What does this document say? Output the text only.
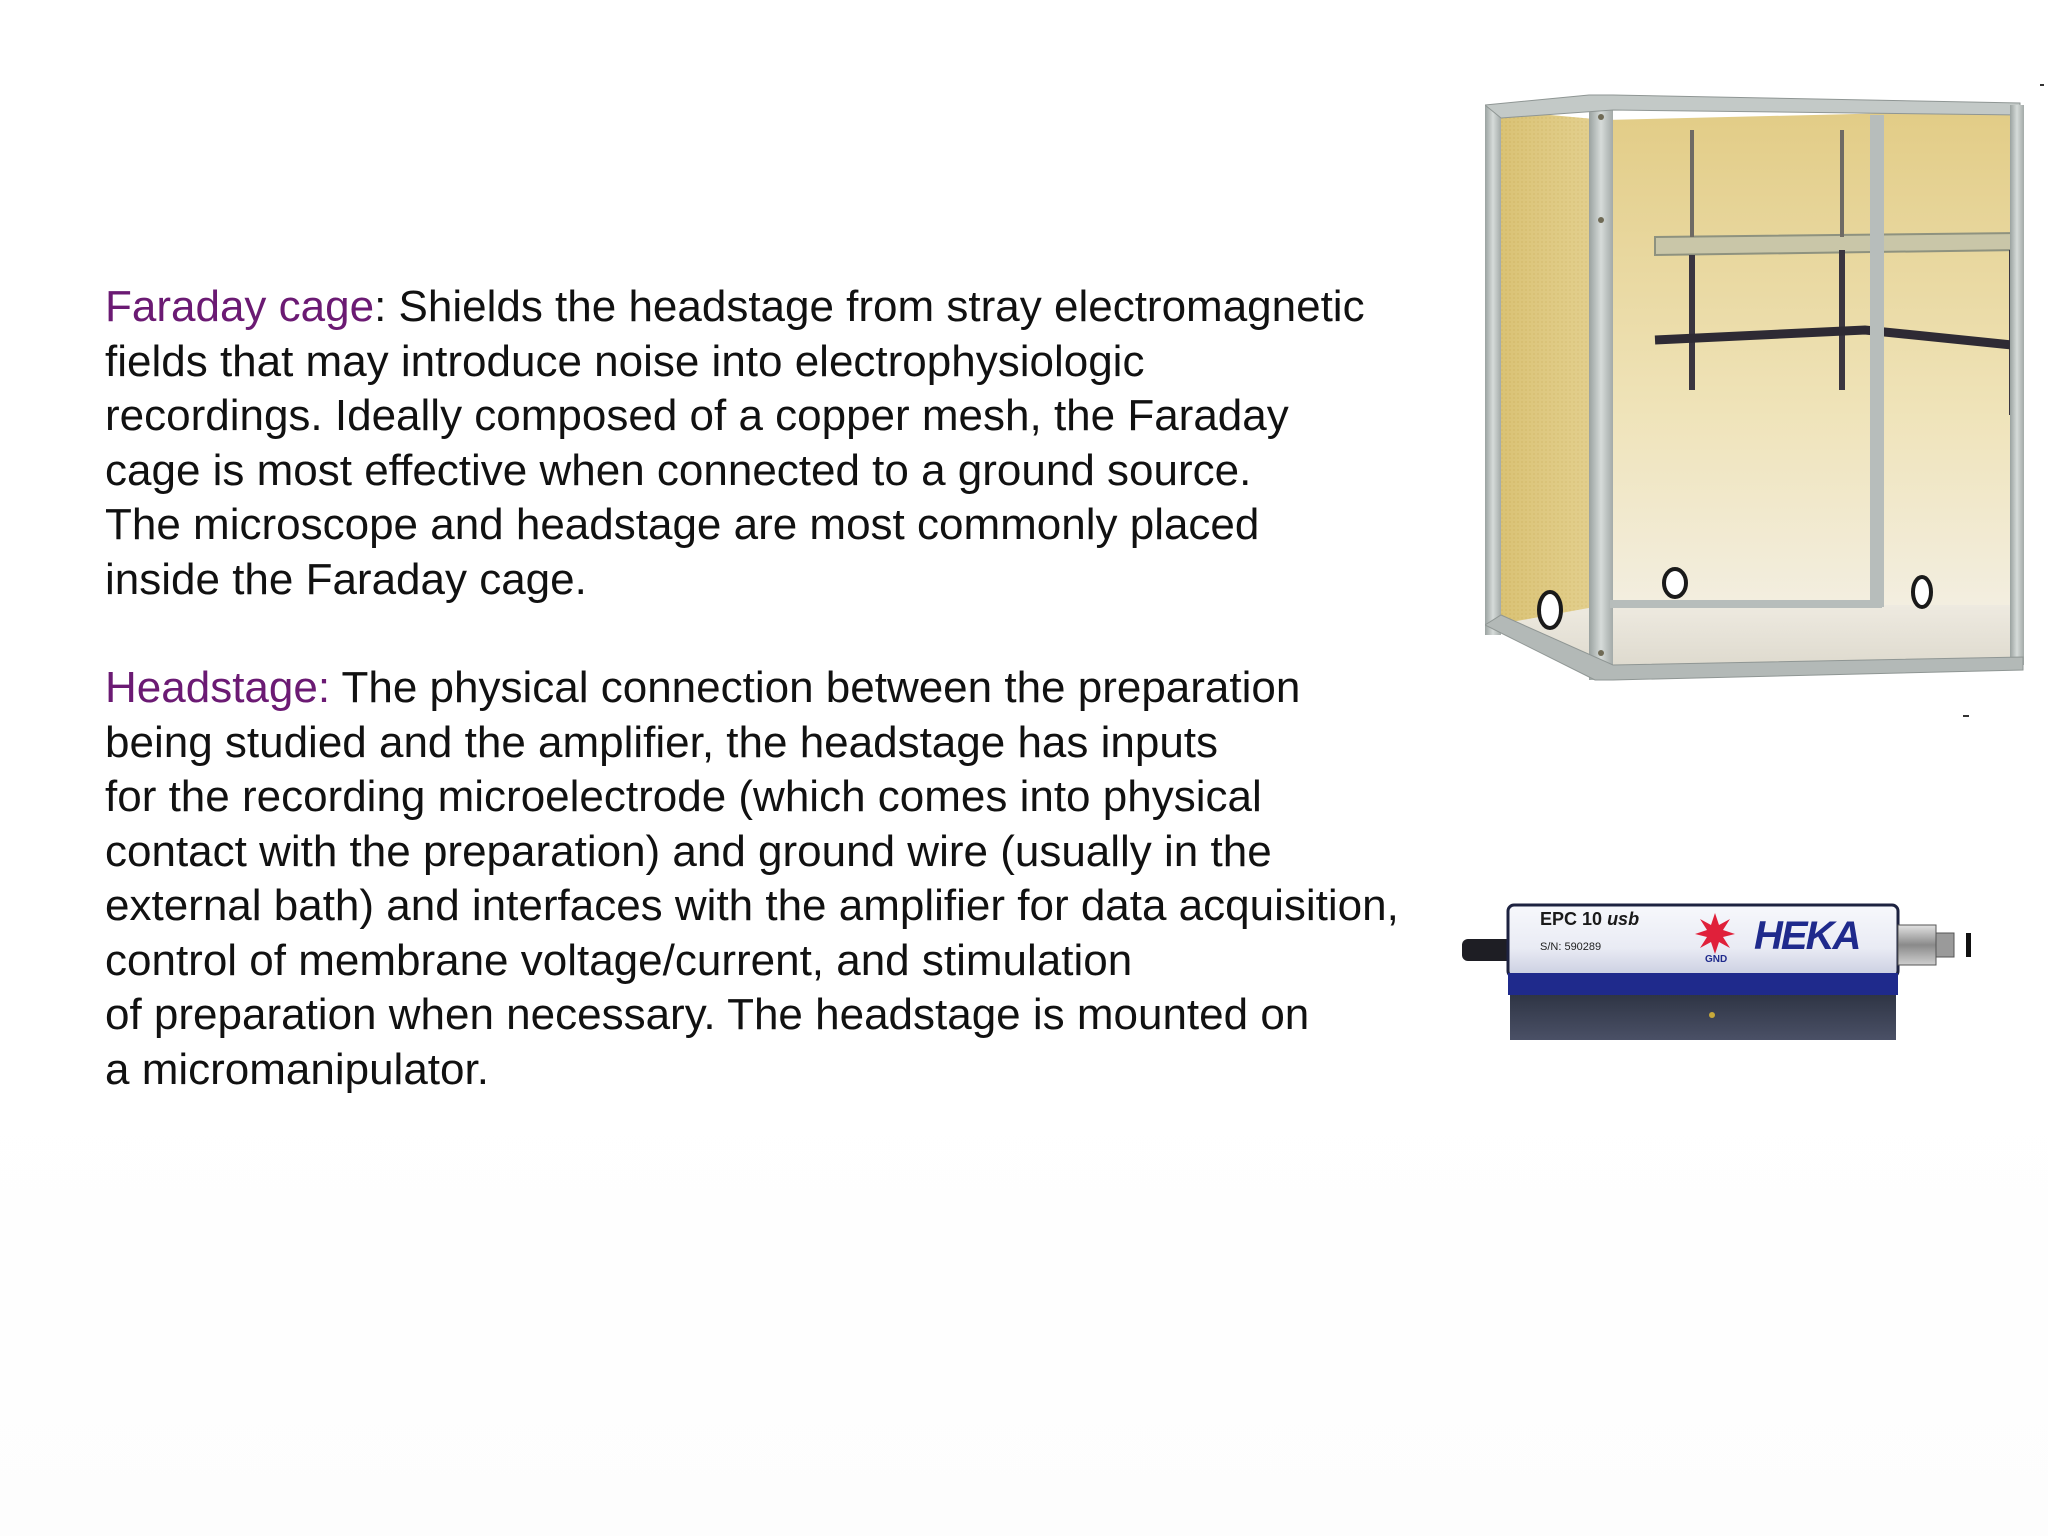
Faraday cage: Shields the headstage from stray electromagnetic
fields that may introduce noise into electrophysiologic
recordings. Ideally composed of a copper mesh, the Faraday
cage is most effective when connected to a ground source.
The microscope and headstage are most commonly placed
inside the Faraday cage.
Headstage: The physical connection between the preparation
being studied and the amplifier, the headstage has inputs
for the recording microelectrode (which comes into physical
contact with the preparation) and ground wire (usually in the
external bath) and interfaces with the amplifier for data acquisition,
control of membrane voltage/current, and stimulation
of preparation when necessary. The headstage is mounted on
a micromanipulator.
EPC 10 usb
S/N: 590289
GND
HEKA
